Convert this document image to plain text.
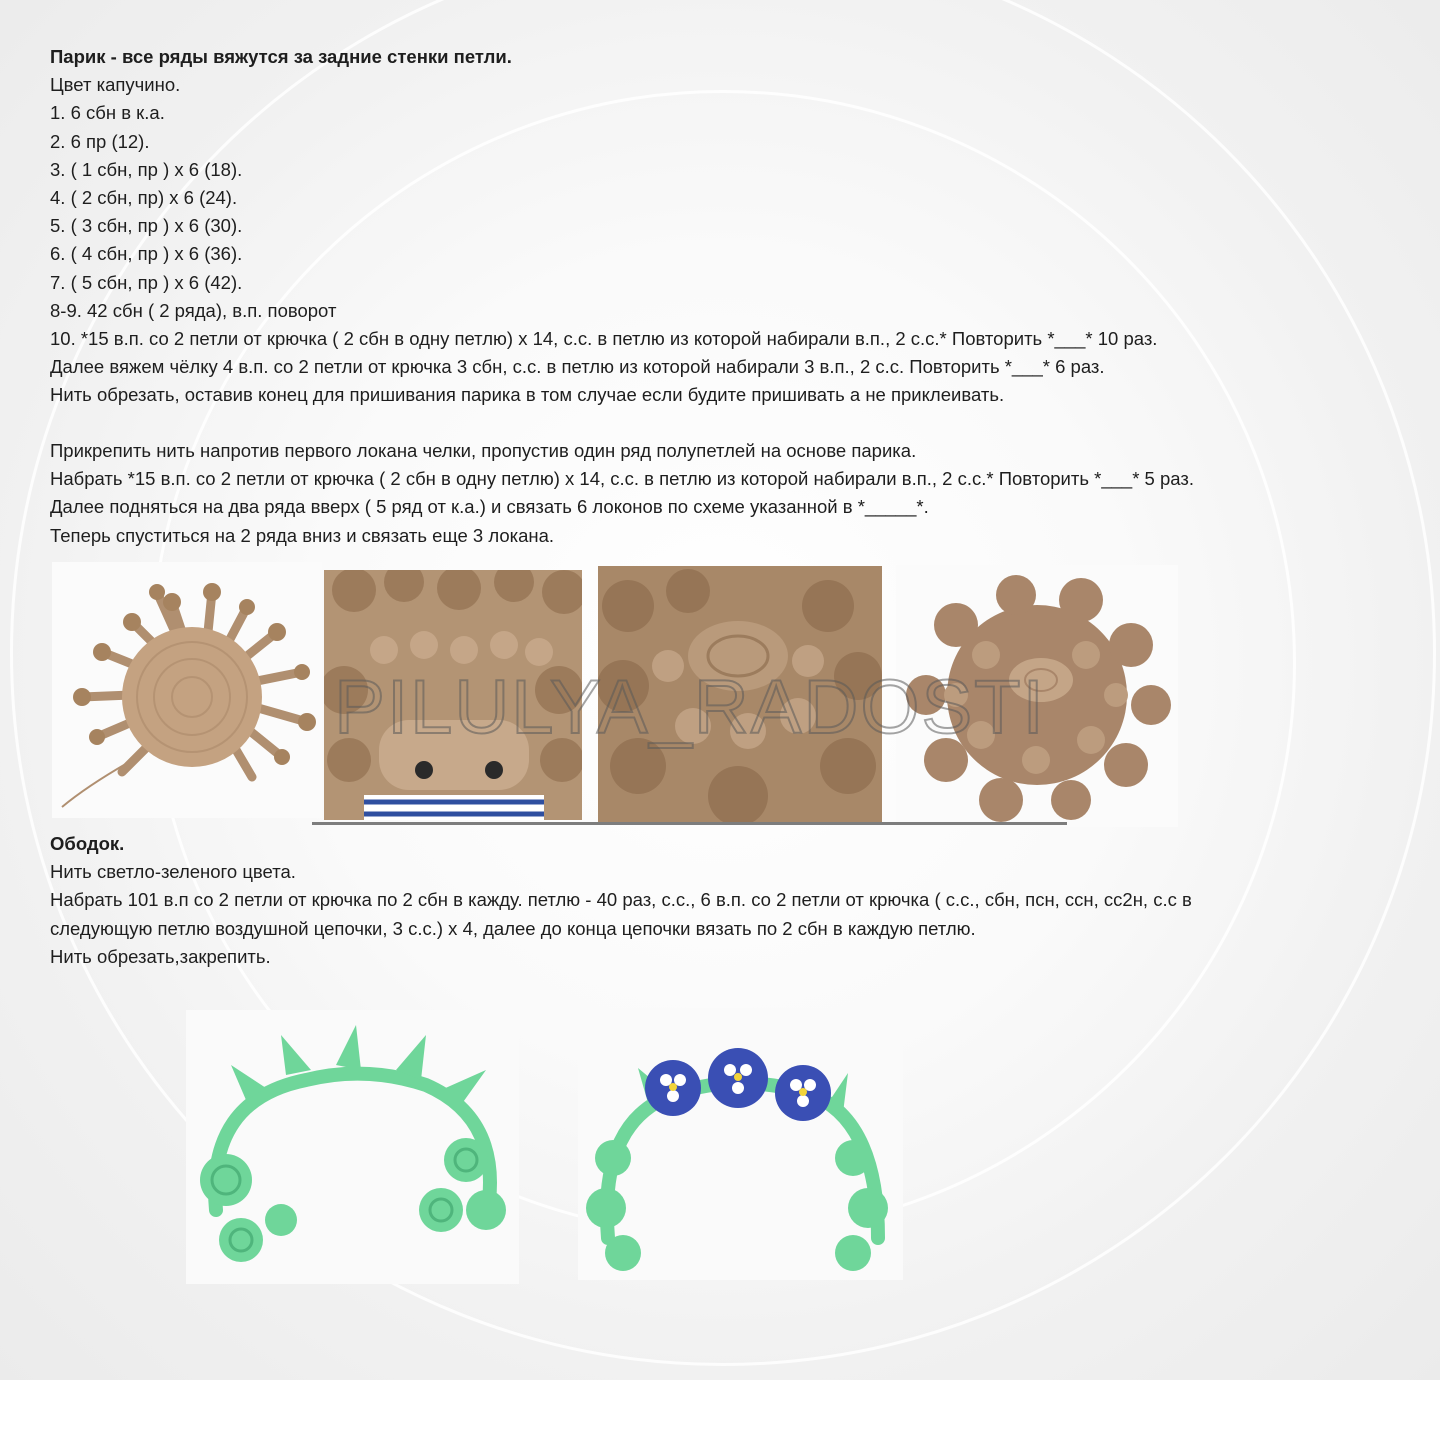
Парик - все ряды вяжутся за задние стенки петли.
Цвет капучино.
1. 6 сбн в к.а.
2. 6 пр (12).
3. ( 1 сбн, пр ) х 6 (18).
4. ( 2 сбн, пр) х 6 (24).
5. ( 3 сбн, пр ) х 6 (30).
6. ( 4 сбн, пр ) х 6 (36).
7. ( 5 сбн, пр ) х 6 (42).
8-9. 42 сбн ( 2 ряда), в.п. поворот
10. *15 в.п. со 2 петли от крючка ( 2 сбн в одну петлю) х 14, с.с. в петлю из которой набирали в.п., 2 с.с.* Повторить *___* 10 раз.
Далее вяжем чёлку 4 в.п. со 2 петли от крючка 3 сбн, с.с. в петлю из которой набирали 3 в.п., 2 с.с. Повторить *___* 6 раз.
Нить обрезать, оставив конец для пришивания парика в том случае если будите пришивать а не приклеивать.
Прикрепить нить напротив первого локана челки, пропустив один ряд полупетлей на основе парика.
Набрать *15 в.п. со 2 петли от крючка ( 2 сбн в одну петлю) х 14, с.с. в петлю из которой набирали в.п., 2 с.с.* Повторить *___* 5 раз.
Далее подняться на два ряда вверх ( 5 ряд от к.а.) и связать 6 локонов по схеме указанной в *_____*.
Теперь спуститься на 2 ряда вниз и связать еще 3 локана.
PILULYA_RADOSTI
Ободок.
Нить светло-зеленого цвета.
Набрать 101 в.п со 2 петли от крючка по 2 сбн в кажду. петлю - 40 раз, с.с., 6 в.п. со 2 петли от крючка ( с.с., сбн, псн, ссн, сс2н, с.с в
следующую петлю воздушной цепочки, 3 с.с.) х 4, далее до конца цепочки вязать по 2 сбн в каждую петлю.
Нить обрезать,закрепить.
